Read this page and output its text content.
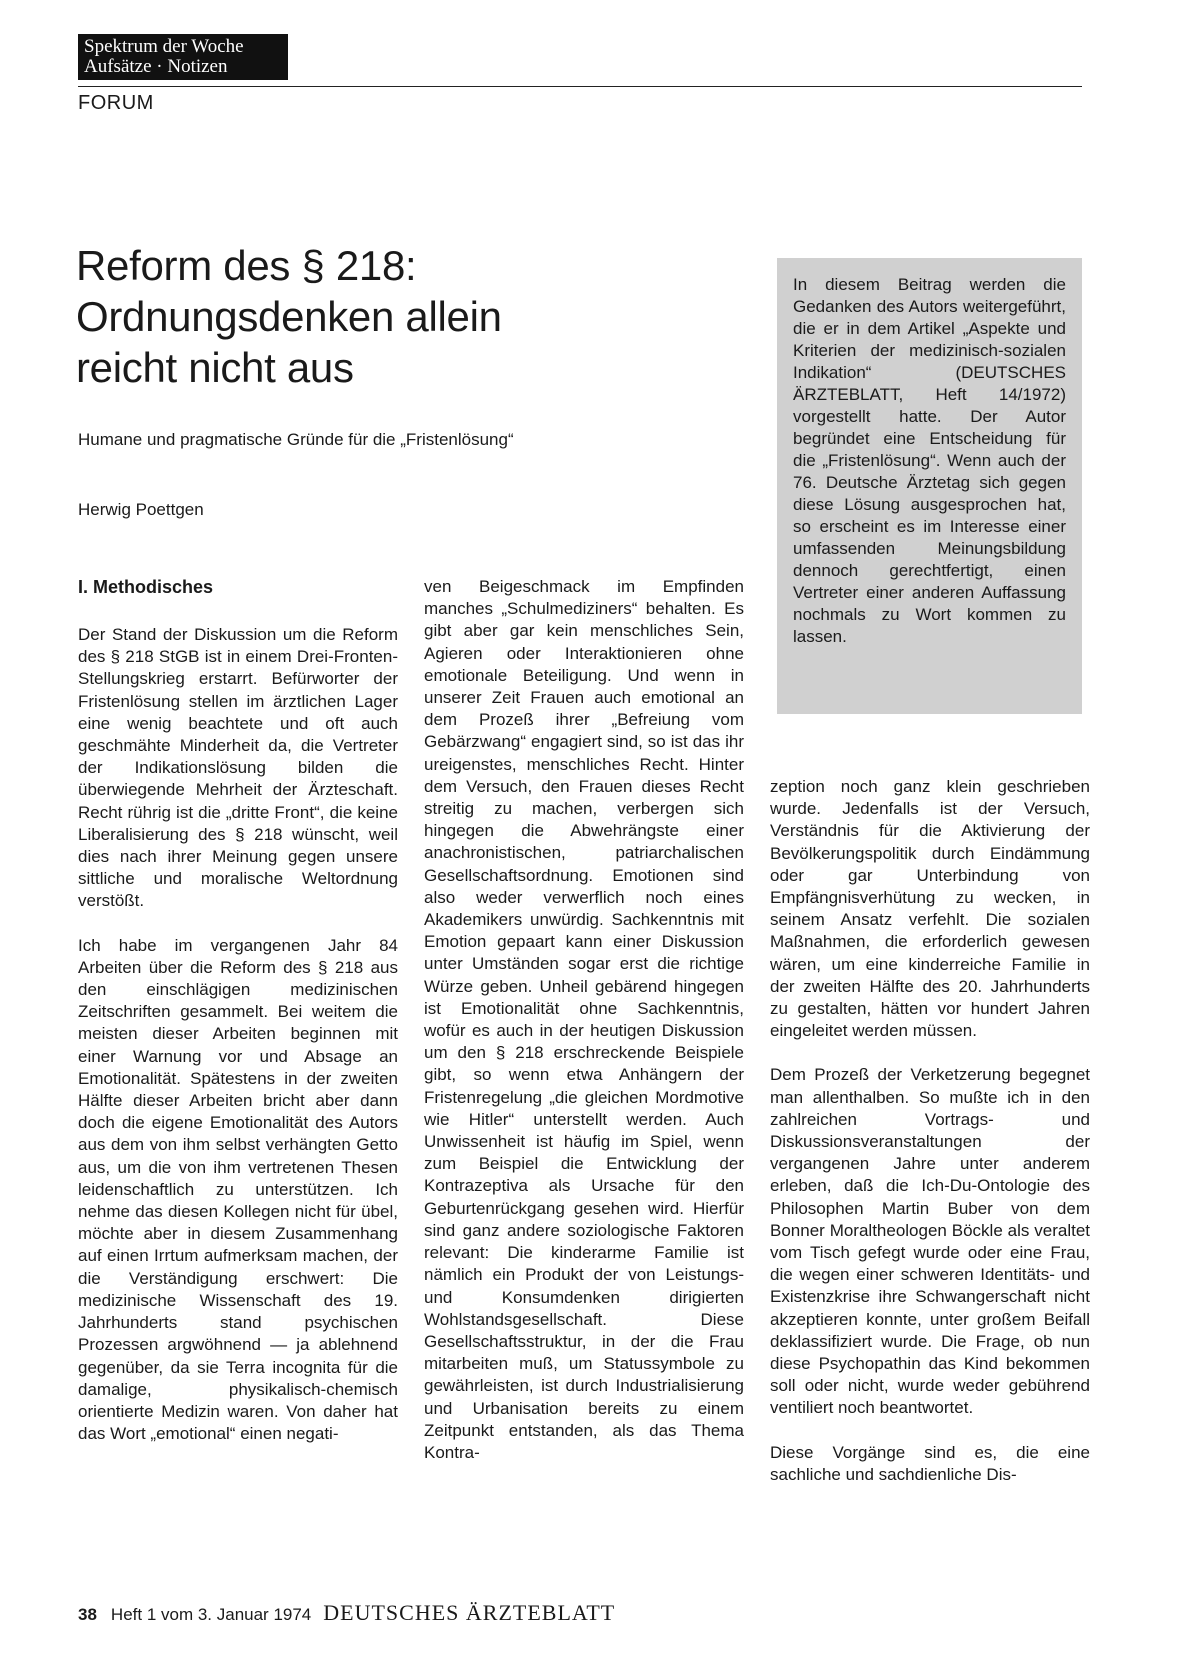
Spektrum der Woche
Aufsätze · Notizen
FORUM
Reform des § 218:
Ordnungsdenken allein
reicht nicht aus
Humane und pragmatische Gründe für die „Fristenlösung“
Herwig Poettgen

In diesem Beitrag werden die Gedanken des Autors weitergeführt, die er in dem Artikel „Aspekte und Kriterien der medizinisch-sozialen Indikation“ (DEUTSCHES ÄRZTEBLATT, Heft 14/1972) vorgestellt hatte. Der Autor begründet eine Entscheidung für die „Fristenlösung“. Wenn auch der 76. Deutsche Ärztetag sich gegen diese Lösung ausgesprochen hat, so erscheint es im Interesse einer umfassenden Meinungsbildung dennoch gerechtfertigt, einen Vertreter einer anderen Auffassung nochmals zu Wort kommen zu lassen.

I. Methodisches

Der Stand der Diskussion um die Reform des § 218 StGB ist in einem Drei-Fronten-Stellungskrieg erstarrt. Befürworter der Fristenlösung stellen im ärztlichen Lager eine wenig beachtete und oft auch geschmähte Minderheit da, die Vertreter der Indikationslösung bilden die überwiegende Mehrheit der Ärzteschaft. Recht rührig ist die „dritte Front“, die keine Liberalisierung des § 218 wünscht, weil dies nach ihrer Meinung gegen unsere sittliche und moralische Weltordnung verstößt.

Ich habe im vergangenen Jahr 84 Arbeiten über die Reform des § 218 aus den einschlägigen medizinischen Zeitschriften gesammelt. Bei weitem die meisten dieser Arbeiten beginnen mit einer Warnung vor und Absage an Emotionalität. Spätestens in der zweiten Hälfte dieser Arbeiten bricht aber dann doch die eigene Emotionalität des Autors aus dem von ihm selbst verhängten Getto aus, um die von ihm vertretenen Thesen leidenschaftlich zu unterstützen. Ich nehme das diesen Kollegen nicht für übel, möchte aber in diesem Zusammenhang auf einen Irrtum aufmerksam machen, der die Verständigung erschwert: Die medizinische Wissenschaft des 19. Jahrhunderts stand psychischen Prozessen argwöhnend — ja ablehnend gegenüber, da sie Terra incognita für die damalige, physikalisch-chemisch orientierte Medizin waren. Von daher hat das Wort „emotional“ einen negati-

ven Beigeschmack im Empfinden manches „Schulmediziners“ behalten. Es gibt aber gar kein menschliches Sein, Agieren oder Interaktionieren ohne emotionale Beteiligung. Und wenn in unserer Zeit Frauen auch emotional an dem Prozeß ihrer „Befreiung vom Gebärzwang“ engagiert sind, so ist das ihr ureigenstes, menschliches Recht. Hinter dem Versuch, den Frauen dieses Recht streitig zu machen, verbergen sich hingegen die Abwehrängste einer anachronistischen, patriarchalischen Gesellschaftsordnung. Emotionen sind also weder verwerflich noch eines Akademikers unwürdig. Sachkenntnis mit Emotion gepaart kann einer Diskussion unter Umständen sogar erst die richtige Würze geben. Unheil gebärend hingegen ist Emotionalität ohne Sachkenntnis, wofür es auch in der heutigen Diskussion um den § 218 erschreckende Beispiele gibt, so wenn etwa Anhängern der Fristenregelung „die gleichen Mordmotive wie Hitler“ unterstellt werden. Auch Unwissenheit ist häufig im Spiel, wenn zum Beispiel die Entwicklung der Kontrazeptiva als Ursache für den Geburtenrückgang gesehen wird. Hierfür sind ganz andere soziologische Faktoren relevant: Die kinderarme Familie ist nämlich ein Produkt der von Leistungs- und Konsumdenken dirigierten Wohlstandsgesellschaft. Diese Gesellschaftsstruktur, in der die Frau mitarbeiten muß, um Statussymbole zu gewährleisten, ist durch Industrialisierung und Urbanisation bereits zu einem Zeitpunkt entstanden, als das Thema Kontra-

zeption noch ganz klein geschrieben wurde. Jedenfalls ist der Versuch, Verständnis für die Aktivierung der Bevölkerungspolitik durch Eindämmung oder gar Unterbindung von Empfängnisverhütung zu wecken, in seinem Ansatz verfehlt. Die sozialen Maßnahmen, die erforderlich gewesen wären, um eine kinderreiche Familie in der zweiten Hälfte des 20. Jahrhunderts zu gestalten, hätten vor hundert Jahren eingeleitet werden müssen.

Dem Prozeß der Verketzerung begegnet man allenthalben. So mußte ich in den zahlreichen Vortrags- und Diskussionsveranstaltungen der vergangenen Jahre unter anderem erleben, daß die Ich-Du-Ontologie des Philosophen Martin Buber von dem Bonner Moraltheologen Böckle als veraltet vom Tisch gefegt wurde oder eine Frau, die wegen einer schweren Identitäts- und Existenzkrise ihre Schwangerschaft nicht akzeptieren konnte, unter großem Beifall deklassifiziert wurde. Die Frage, ob nun diese Psychopathin das Kind bekommen soll oder nicht, wurde weder gebührend ventiliert noch beantwortet.

Diese Vorgänge sind es, die eine sachliche und sachdienliche Dis-

38 Heft 1 vom 3. Januar 1974 DEUTSCHES ÄRZTEBLATT
